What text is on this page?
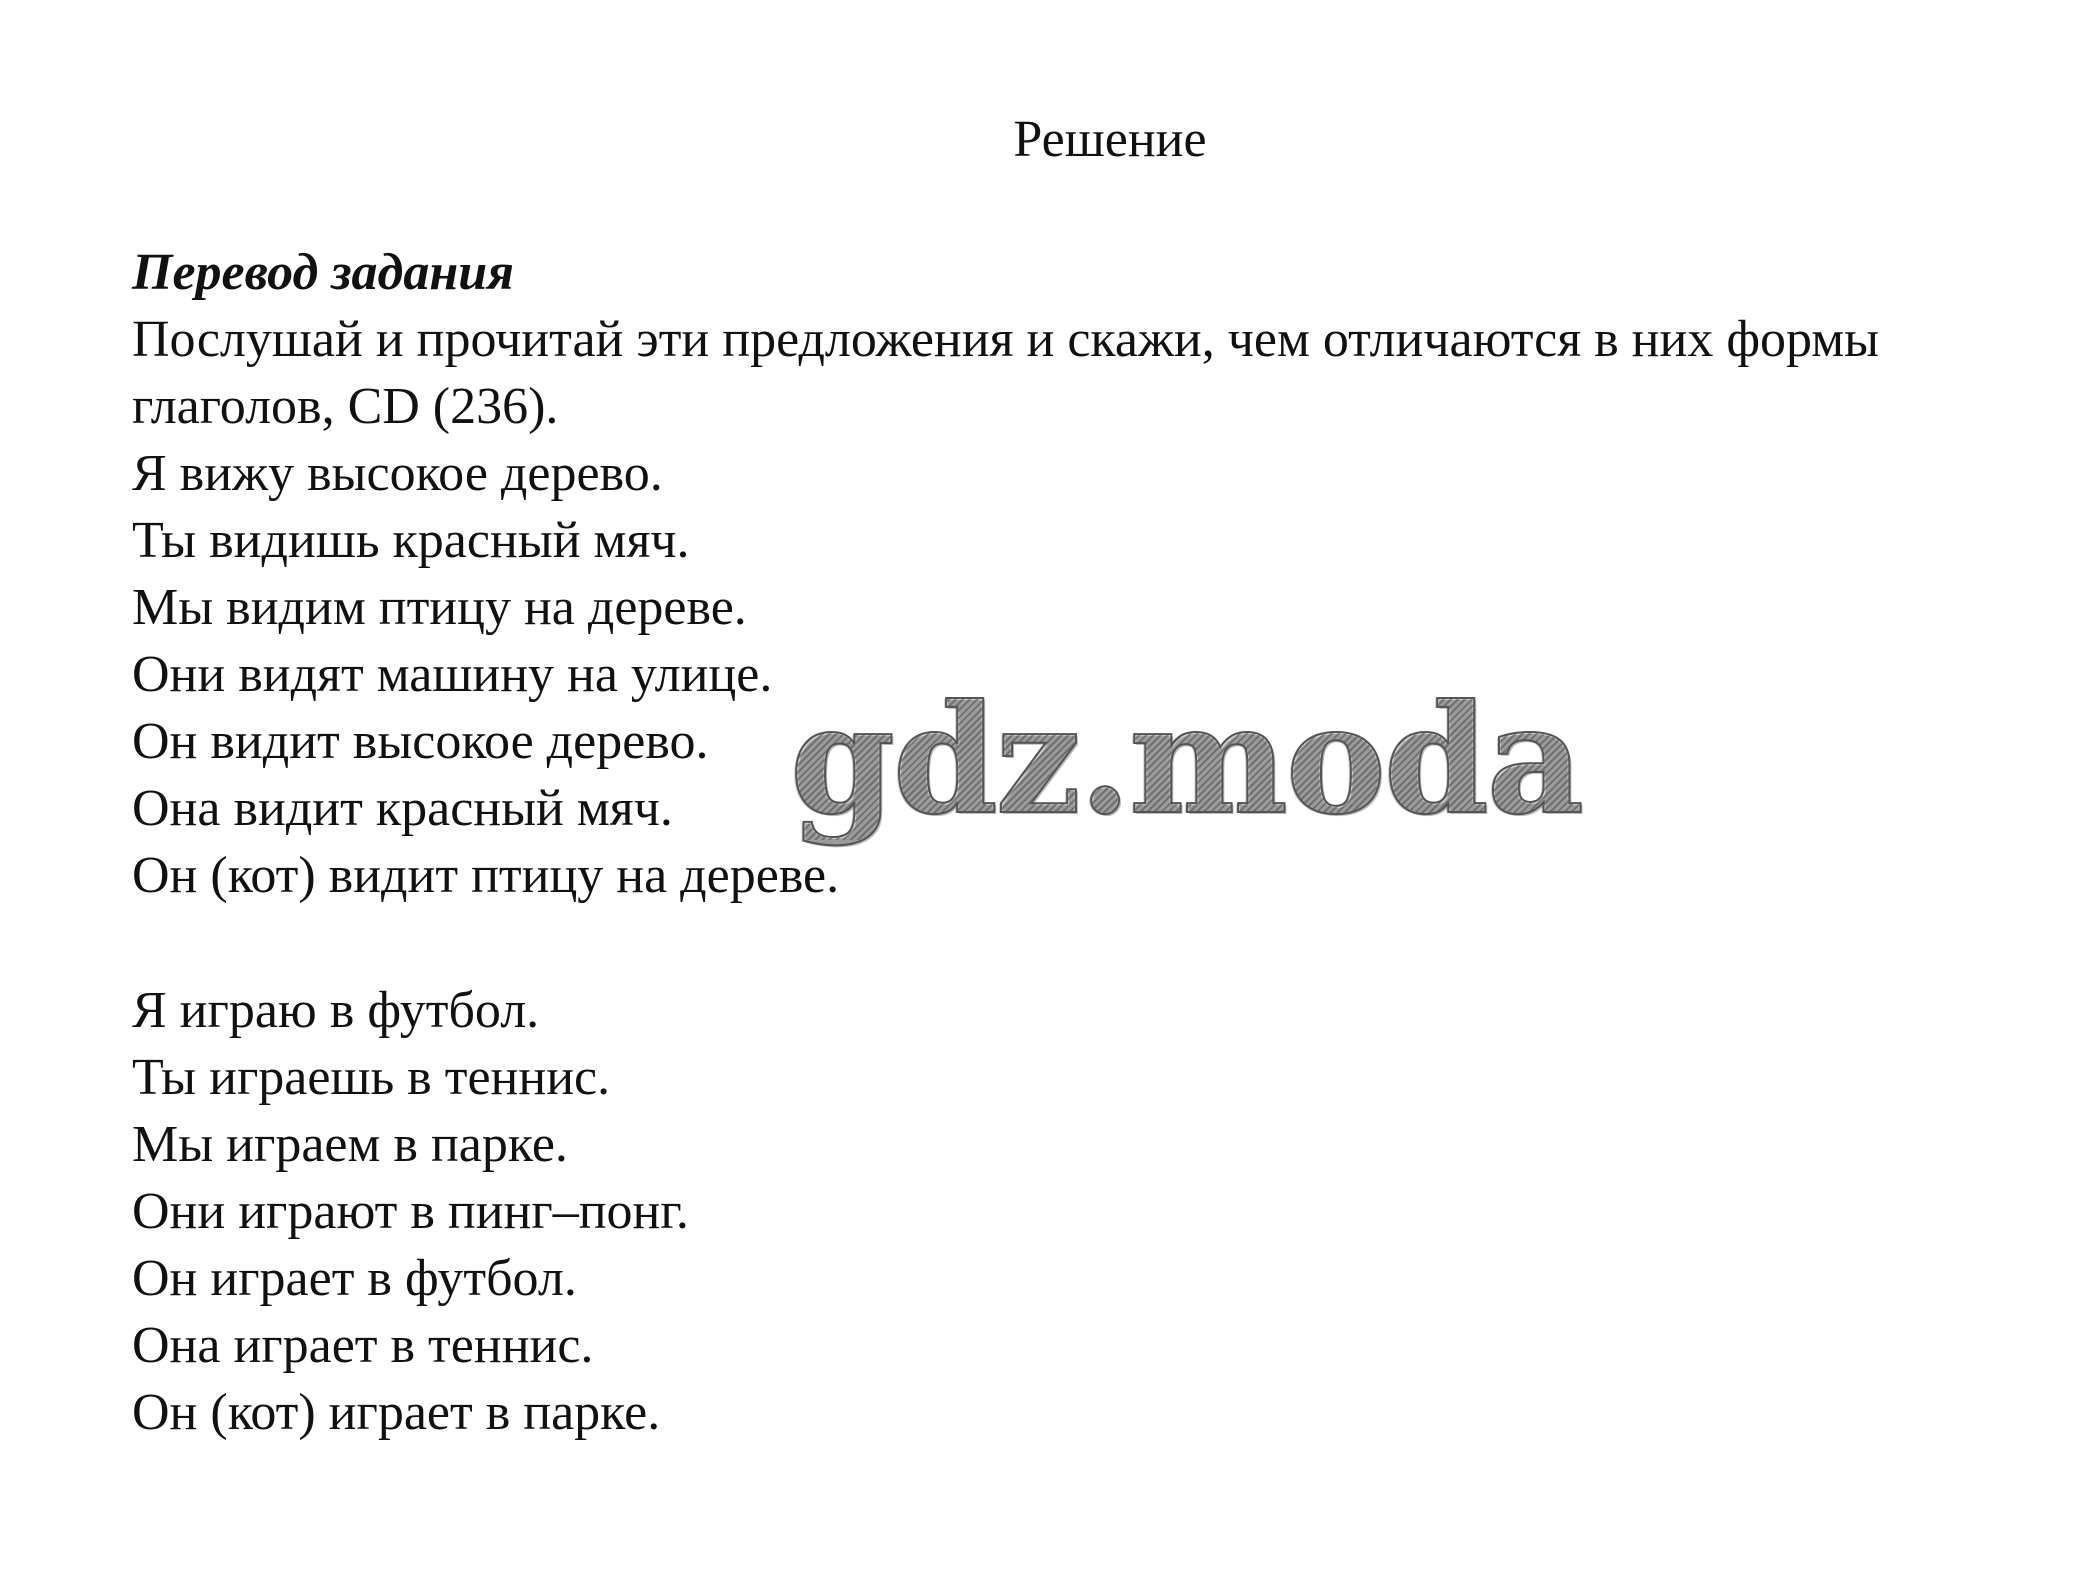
Решение

Перевод задания

Послушай и прочитай эти предложения и скажи, чем отличаются в них формы глаголов, CD (236).

Я вижу высокое дерево.
Ты видишь красный мяч.
Мы видим птицу на дереве.
Они видят машину на улице.
Он видит высокое дерево.
Она видит красный мяч.
Он (кот) видит птицу на дереве.
Я играю в футбол.
Ты играешь в теннис.
Мы играем в парке.
Они играют в пинг–понг.
Он играет в футбол.
Она играет в теннис.
Он (кот) играет в парке.
gdz.moda
